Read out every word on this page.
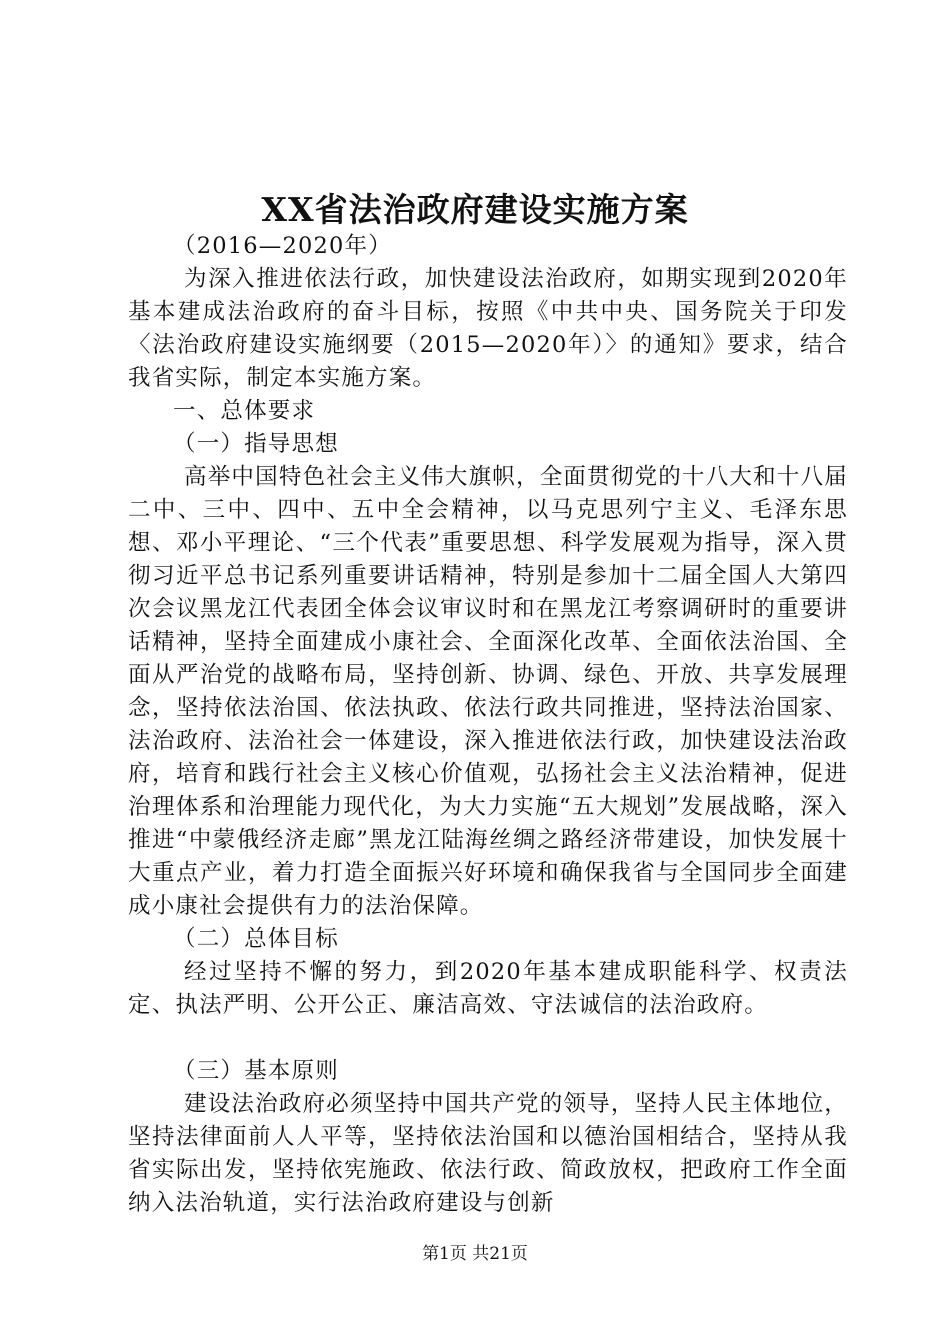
XX省法治政府建设实施方案

（2016—2020年）

为深入推进依法行政，加快建设法治政府，如期实现到2020年基本建成法治政府的奋斗目标，按照《中共中央、国务院关于印发〈法治政府建设实施纲要（2015—2020年）〉的通知》要求，结合我省实际，制定本实施方案。

一、总体要求

（一）指导思想

高举中国特色社会主义伟大旗帜，全面贯彻党的十八大和十八届二中、三中、四中、五中全会精神，以马克思列宁主义、毛泽东思想、邓小平理论、“三个代表”重要思想、科学发展观为指导，深入贯彻习近平总书记系列重要讲话精神，特别是参加十二届全国人大第四次会议黑龙江代表团全体会议审议时和在黑龙江考察调研时的重要讲话精神，坚持全面建成小康社会、全面深化改革、全面依法治国、全面从严治党的战略布局，坚持创新、协调、绿色、开放、共享发展理念，坚持依法治国、依法执政、依法行政共同推进，坚持法治国家、法治政府、法治社会一体建设，深入推进依法行政，加快建设法治政府，培育和践行社会主义核心价值观，弘扬社会主义法治精神，促进治理体系和治理能力现代化，为大力实施“五大规划”发展战略，深入推进“中蒙俄经济走廊”黑龙江陆海丝绸之路经济带建设，加快发展十大重点产业，着力打造全面振兴好环境和确保我省与全国同步全面建成小康社会提供有力的法治保障。

（二）总体目标

经过坚持不懈的努力，到2020年基本建成职能科学、权责法定、执法严明、公开公正、廉洁高效、守法诚信的法治政府。

（三）基本原则

建设法治政府必须坚持中国共产党的领导，坚持人民主体地位，坚持法律面前人人平等，坚持依法治国和以德治国相结合，坚持从我省实际出发，坚持依宪施政、依法行政、简政放权，把政府工作全面纳入法治轨道，实行法治政府建设与创新

第1页 共21页
